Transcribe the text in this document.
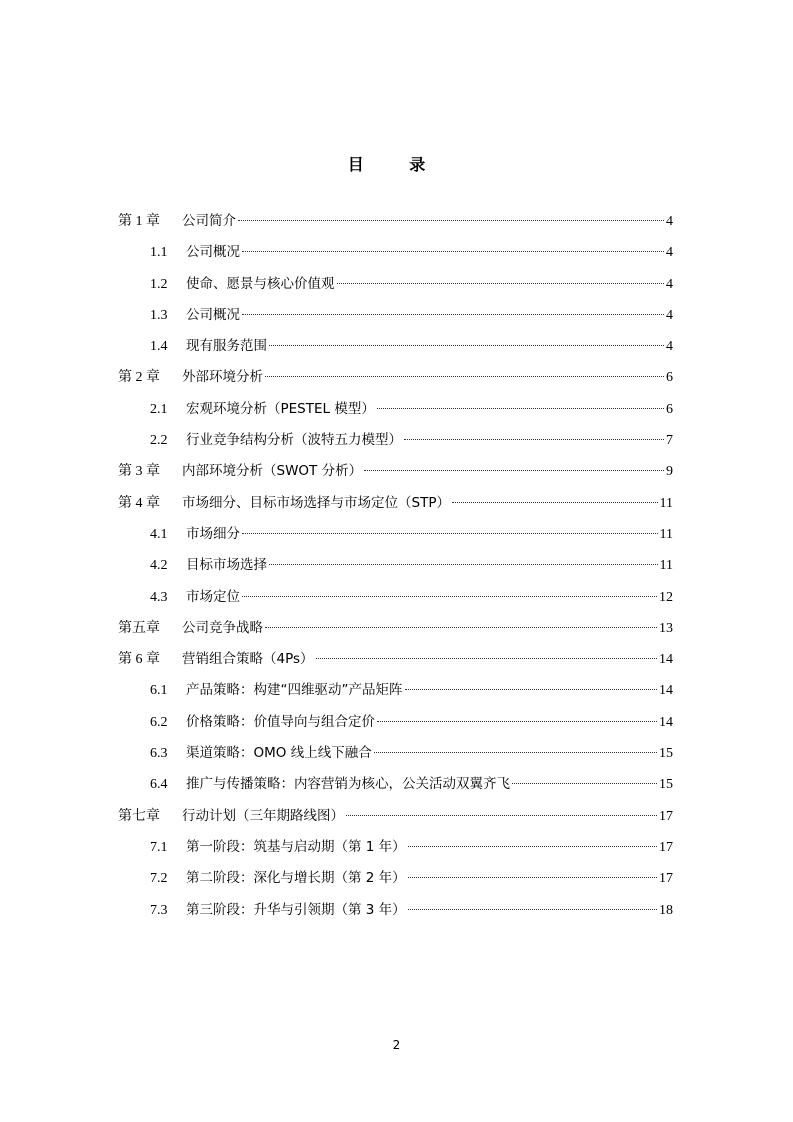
目 录
第 1 章	公司简介	4
1.1	公司概况	4
1.2	使命、愿景与核心价值观	4
1.3	公司概况	4
1.4	现有服务范围	4
第 2 章	外部环境分析	6
2.1	宏观环境分析（PESTEL 模型）	6
2.2	行业竞争结构分析（波特五力模型）	7
第 3 章	内部环境分析（SWOT 分析）	9
第 4 章	市场细分、目标市场选择与市场定位（STP）	11
4.1	市场细分	11
4.2	目标市场选择	11
4.3	市场定位	12
第五章	公司竞争战略	13
第 6 章	营销组合策略（4Ps）	14
6.1	产品策略：构建“四维驱动”产品矩阵	14
6.2	价格策略：价值导向与组合定价	14
6.3	渠道策略：OMO 线上线下融合	15
6.4	推广与传播策略：内容营销为核心，公关活动双翼齐飞	15
第七章	行动计划（三年期路线图）	17
7.1	第一阶段：筑基与启动期（第 1 年）	17
7.2	第二阶段：深化与增长期（第 2 年）	17
7.3	第三阶段：升华与引领期（第 3 年）	18
2
